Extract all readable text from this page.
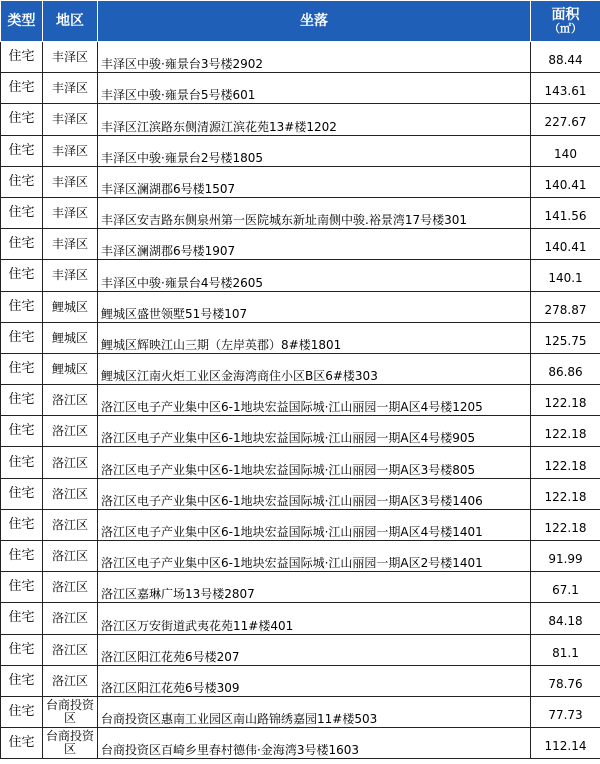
类型	地区	坐落	面积
（㎡）

住宅	丰泽区	丰泽区中骏·雍景台3号楼2902	88.44
住宅	丰泽区	丰泽区中骏·雍景台5号楼601	143.61
住宅	丰泽区	丰泽区江滨路东侧清源江滨花苑13#楼1202	227.67
住宅	丰泽区	丰泽区中骏·雍景台2号楼1805	140
住宅	丰泽区	丰泽区澜湖郡6号楼1507	140.41
住宅	丰泽区	丰泽区安吉路东侧泉州第一医院城东新址南侧中骏.裕景湾17号楼301	141.56
住宅	丰泽区	丰泽区澜湖郡6号楼1907	140.41
住宅	丰泽区	丰泽区中骏·雍景台4号楼2605	140.1
住宅	鲤城区	鲤城区盛世领墅51号楼107	278.87
住宅	鲤城区	鲤城区辉映江山三期（左岸英郡）8#楼1801	125.75
住宅	鲤城区	鲤城区江南火炬工业区金海湾商住小区B区6#楼303	86.86
住宅	洛江区	洛江区电子产业集中区6-1地块宏益国际城·江山丽园一期A区4号楼1205	122.18
住宅	洛江区	洛江区电子产业集中区6-1地块宏益国际城·江山丽园一期A区4号楼905	122.18
住宅	洛江区	洛江区电子产业集中区6-1地块宏益国际城·江山丽园一期A区3号楼805	122.18
住宅	洛江区	洛江区电子产业集中区6-1地块宏益国际城·江山丽园一期A区3号楼1406	122.18
住宅	洛江区	洛江区电子产业集中区6-1地块宏益国际城·江山丽园一期A区4号楼1401	122.18
住宅	洛江区	洛江区电子产业集中区6-1地块宏益国际城·江山丽园一期A区2号楼1401	91.99
住宅	洛江区	洛江区嘉琳广场13号楼2807	67.1
住宅	洛江区	洛江区万安街道武夷花苑11#楼401	84.18
住宅	洛江区	洛江区阳江花苑6号楼207	81.1
住宅	洛江区	洛江区阳江花苑6号楼309	78.76
住宅	台商投资区	台商投资区惠南工业园区南山路锦绣嘉园11#楼503	77.73
住宅	台商投资区	台商投资区百崎乡里春村德伟·金海湾3号楼1603	112.14
